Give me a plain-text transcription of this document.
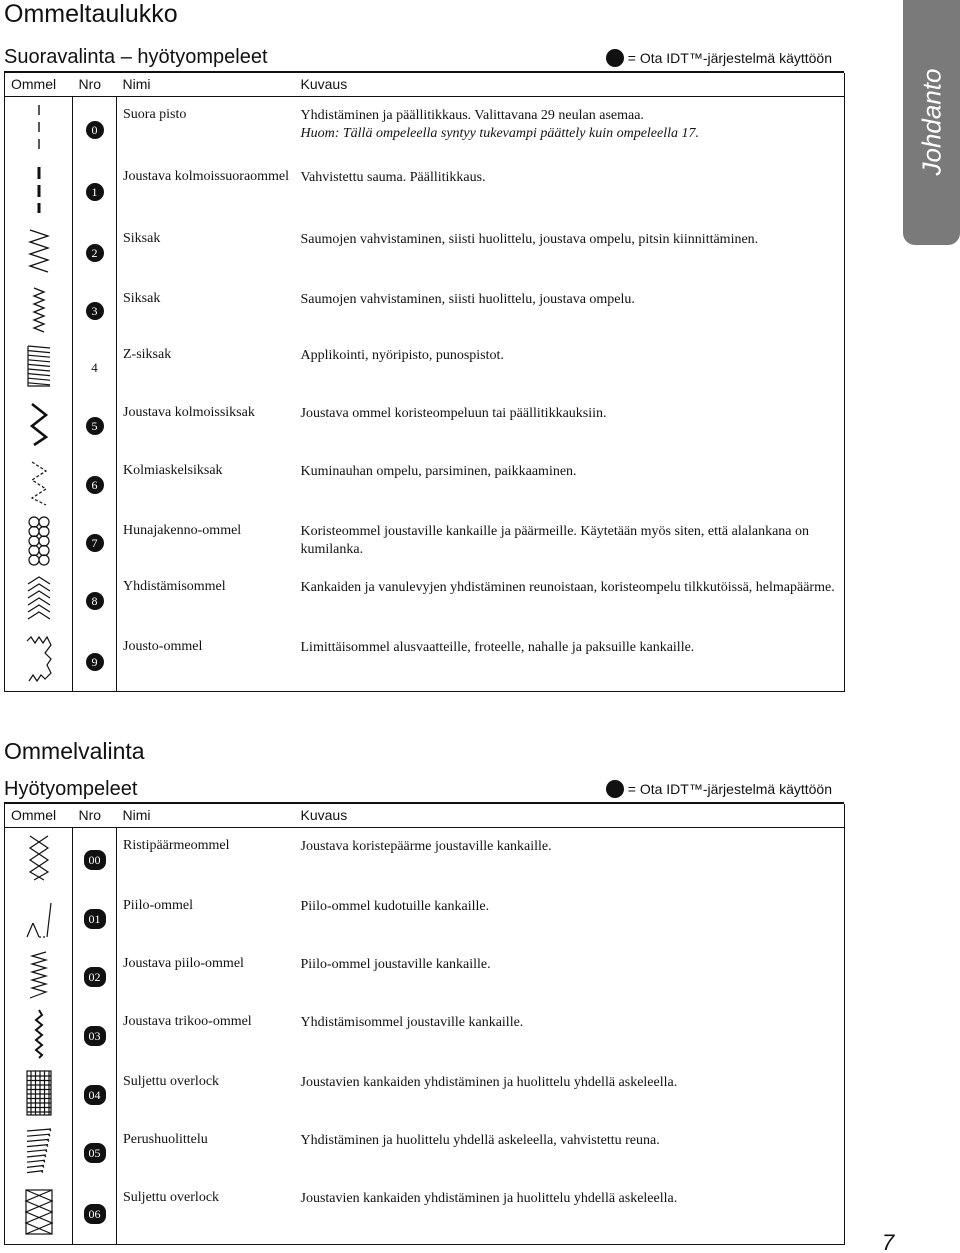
Ommeltaulukko
Johdanto
Suoravalinta – hyötyompeleet	= Ota IDT™-järjestelmä käyttöön
Ommel	Nro	Nimi	Kuvaus

0	Suora pisto	Yhdistäminen ja päällitikkaus. Valittavana 29 neulan asemaa.
Huom: Tällä ompeleella syntyy tukevampi päättely kuin ompeleella 17.

1	Joustava kolmoissuoraommel	Vahvistettu sauma. Päällitikkaus.

2	Siksak	Saumojen vahvistaminen, siisti huolittelu, joustava ompelu, pitsin kiinnittäminen.

3	Siksak	Saumojen vahvistaminen, siisti huolittelu, joustava ompelu.

4	Z-siksak	Applikointi, nyöripisto, punospistot.

5	Joustava kolmoissiksak	Joustava ommel koristeompeluun tai päällitikkauksiin.

6	Kolmiaskelsiksak	Kuminauhan ompelu, parsiminen, paikkaaminen.

7	Hunajakenno-ommel	Koristeommel joustaville kankaille ja päärmeille. Käytetään myös siten, että alalankana on kumilanka.

8	Yhdistämisommel	Kankaiden ja vanulevyjen yhdistäminen reunoistaan, koristeompelu tilkkutöissä, helmapäärme.

9	Jousto-ommel	Limittäisommel alusvaatteille, froteelle, nahalle ja paksuille kankaille.
Ommelvalinta
Hyötyompeleet	= Ota IDT™-järjestelmä käyttöön
Ommel	Nro	Nimi	Kuvaus

00	Ristipäärmeommel	Joustava koristepäärme joustaville kankaille.

01	Piilo-ommel	Piilo-ommel kudotuille kankaille.

02	Joustava piilo-ommel	Piilo-ommel joustaville kankaille.

03	Joustava trikoo-ommel	Yhdistämisommel joustaville kankaille.

04	Suljettu overlock	Joustavien kankaiden yhdistäminen ja huolittelu yhdellä askeleella.

05	Perushuolittelu	Yhdistäminen ja huolittelu yhdellä askeleella, vahvistettu reuna.

06	Suljettu overlock	Joustavien kankaiden yhdistäminen ja huolittelu yhdellä askeleella.
7
